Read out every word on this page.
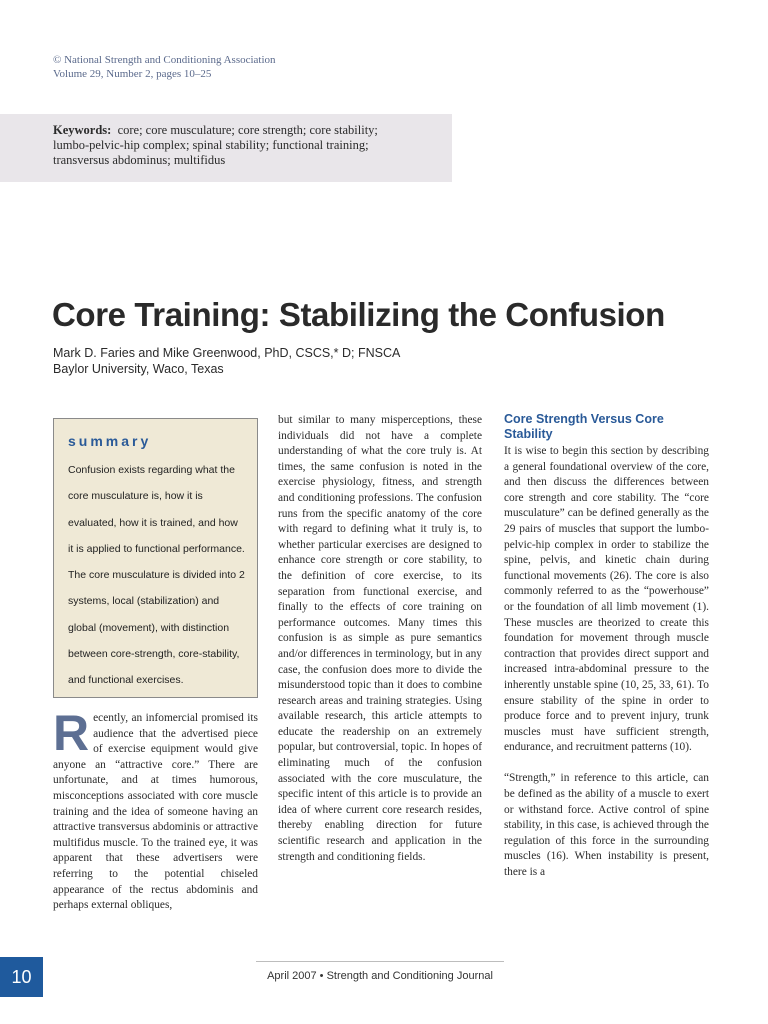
© National Strength and Conditioning Association
Volume 29, Number 2, pages 10–25
Keywords: core; core musculature; core strength; core stability;
lumbo-pelvic-hip complex; spinal stability; functional training;
transversus abdominus; multifidus
Core Training: Stabilizing the Confusion
Mark D. Faries and Mike Greenwood, PhD, CSCS,* D; FNSCA
Baylor University, Waco, Texas
summary
Confusion exists regarding what the core musculature is, how it is evaluated, how it is trained, and how it is applied to functional performance. The core musculature is divided into 2 systems, local (stabilization) and global (movement), with distinction between core-strength, core-stability, and functional exercises.
Recently, an infomercial promised its audience that the advertised piece of exercise equipment would give anyone an “attractive core.” There are unfortunate, and at times humorous, misconceptions associated with core muscle training and the idea of someone having an attractive transversus abdominis or attractive multifidus muscle. To the trained eye, it was apparent that these advertisers were referring to the potential chiseled appearance of the rectus abdominis and perhaps external obliques,
but similar to many misperceptions, these individuals did not have a complete understanding of what the core truly is. At times, the same confusion is noted in the exercise physiology, fitness, and strength and conditioning professions. The confusion runs from the specific anatomy of the core with regard to defining what it truly is, to whether particular exercises are designed to enhance core strength or core stability, to the definition of core exercise, to its separation from functional exercise, and finally to the effects of core training on performance outcomes. Many times this confusion is as simple as pure semantics and/or differences in terminology, but in any case, the confusion does more to divide the misunderstood topic than it does to combine research areas and training strategies. Using available research, this article attempts to educate the readership on an extremely popular, but controversial, topic. In hopes of eliminating much of the confusion associated with the core musculature, the specific intent of this article is to provide an idea of where current core research resides, thereby enabling direction for future scientific research and application in the strength and conditioning fields.
Core Strength Versus Core Stability
It is wise to begin this section by describing a general foundational overview of the core, and then discuss the differences between core strength and core stability. The “core musculature” can be defined generally as the 29 pairs of muscles that support the lumbo-pelvic-hip complex in order to stabilize the spine, pelvis, and kinetic chain during functional movements (26). The core is also commonly referred to as the “powerhouse” or the foundation of all limb movement (1). These muscles are theorized to create this foundation for movement through muscle contraction that provides direct support and increased intra-abdominal pressure to the inherently unstable spine (10, 25, 33, 61). To ensure stability of the spine in order to produce force and to prevent injury, trunk muscles must have sufficient strength, endurance, and recruitment patterns (10).
“Strength,” in reference to this article, can be defined as the ability of a muscle to exert or withstand force. Active control of spine stability, in this case, is achieved through the regulation of this force in the surrounding muscles (16). When instability is present, there is a
10	April 2007 • Strength and Conditioning Journal
